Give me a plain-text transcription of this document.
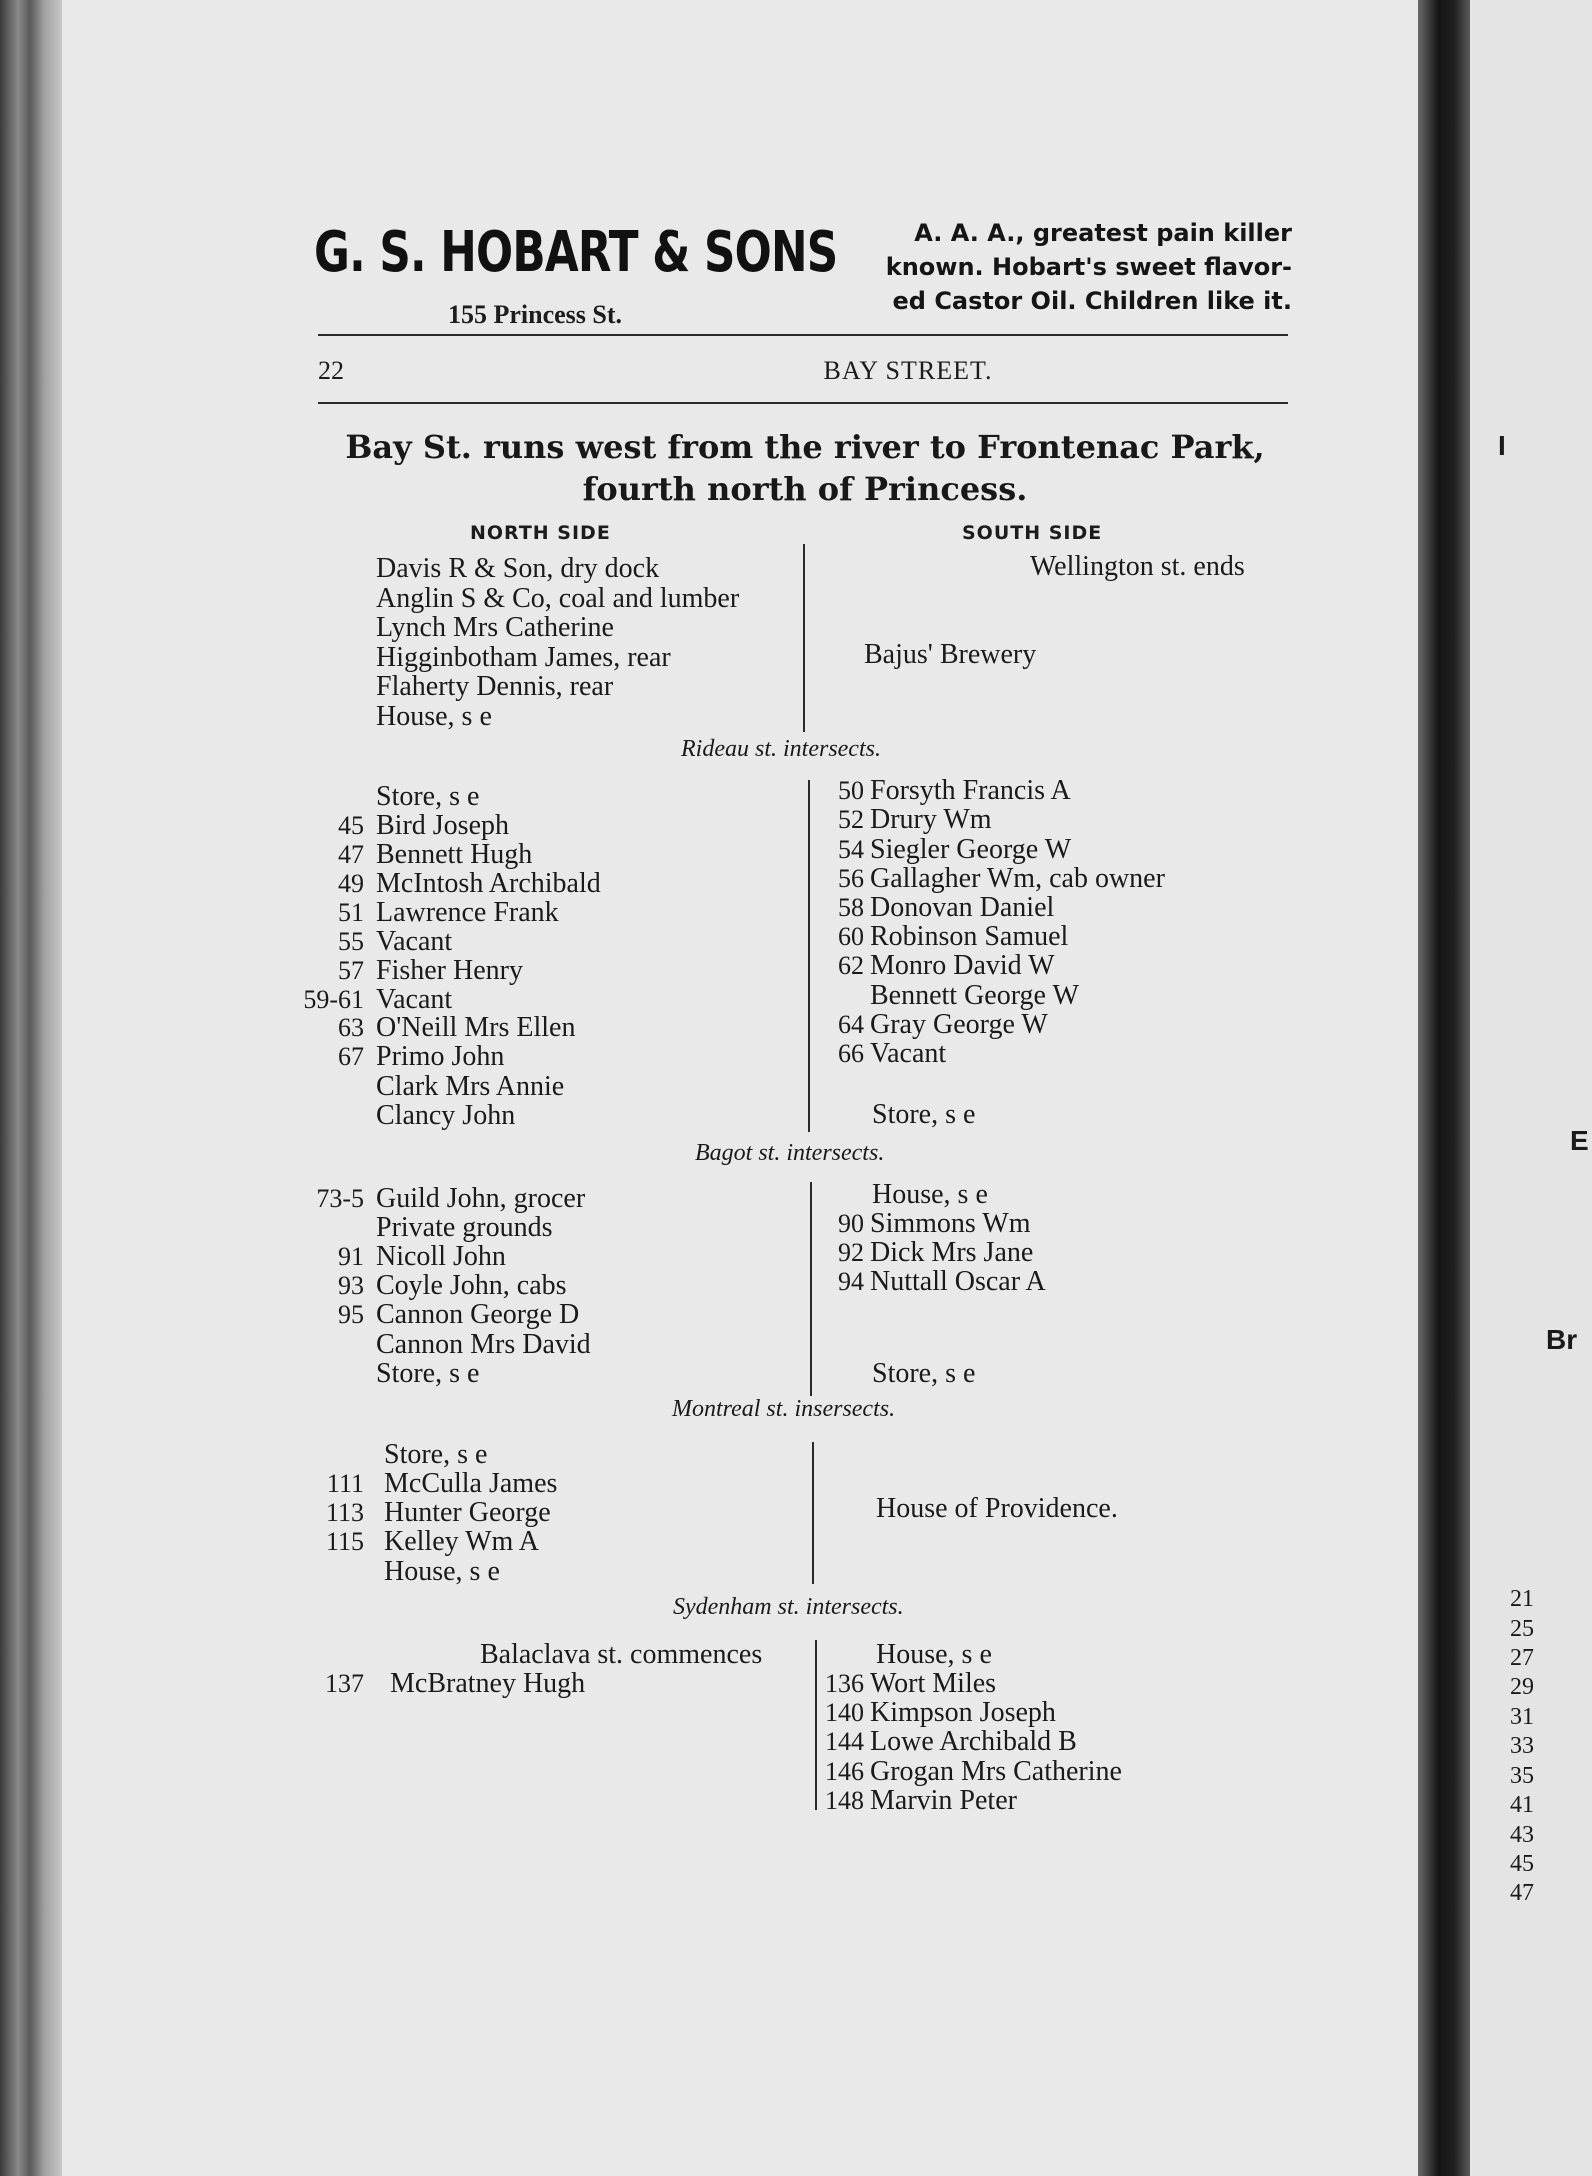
G. S. HOBART & SONS
155 Princess St.
A. A. A., greatest pain killer
known. Hobart's sweet flavor-
ed Castor Oil. Children like it.
22	BAY STREET.
Bay St. runs west from the river to Frontenac Park,
fourth north of Princess.
NORTH SIDE	SOUTH SIDE
Davis R & Son, dry dock
Anglin S & Co, coal and lumber
Lynch Mrs Catherine
Higginbotham James, rear
Flaherty Dennis, rear
House, s e
Store, s e
45 Bird Joseph
47 Bennett Hugh
49 McIntosh Archibald
51 Lawrence Frank
55 Vacant
57 Fisher Henry
59-61 Vacant
63 O'Neill Mrs Ellen
67 Primo John
Clark Mrs Annie
Clancy John
73-5 Guild John, grocer
Private grounds
91 Nicoll John
93 Coyle John, cabs
95 Cannon George D
Cannon Mrs David
Store, s e
Store, s e
111 McCulla James
113 Hunter George
115 Kelley Wm A
House, s e
Balaclava st. commences
137 McBratney Hugh
Wellington st. ends
Bajus' Brewery
50 Forsyth Francis A
52 Drury Wm
54 Siegler George W
56 Gallagher Wm, cab owner
58 Donovan Daniel
60 Robinson Samuel
62 Monro David W
Bennett George W
64 Gray George W
66 Vacant
Store, s e
House, s e
90 Simmons Wm
92 Dick Mrs Jane
94 Nuttall Oscar A
Store, s e
House of Providence.
House, s e
136 Wort Miles
140 Kimpson Joseph
144 Lowe Archibald B
146 Grogan Mrs Catherine
148 Marvin Peter
Rideau st. intersects.
Bagot st. intersects.
Montreal st. insersects.
Sydenham st. intersects.
I
E
Br
21
25
27
29
31
33
35
41
43
45
47
